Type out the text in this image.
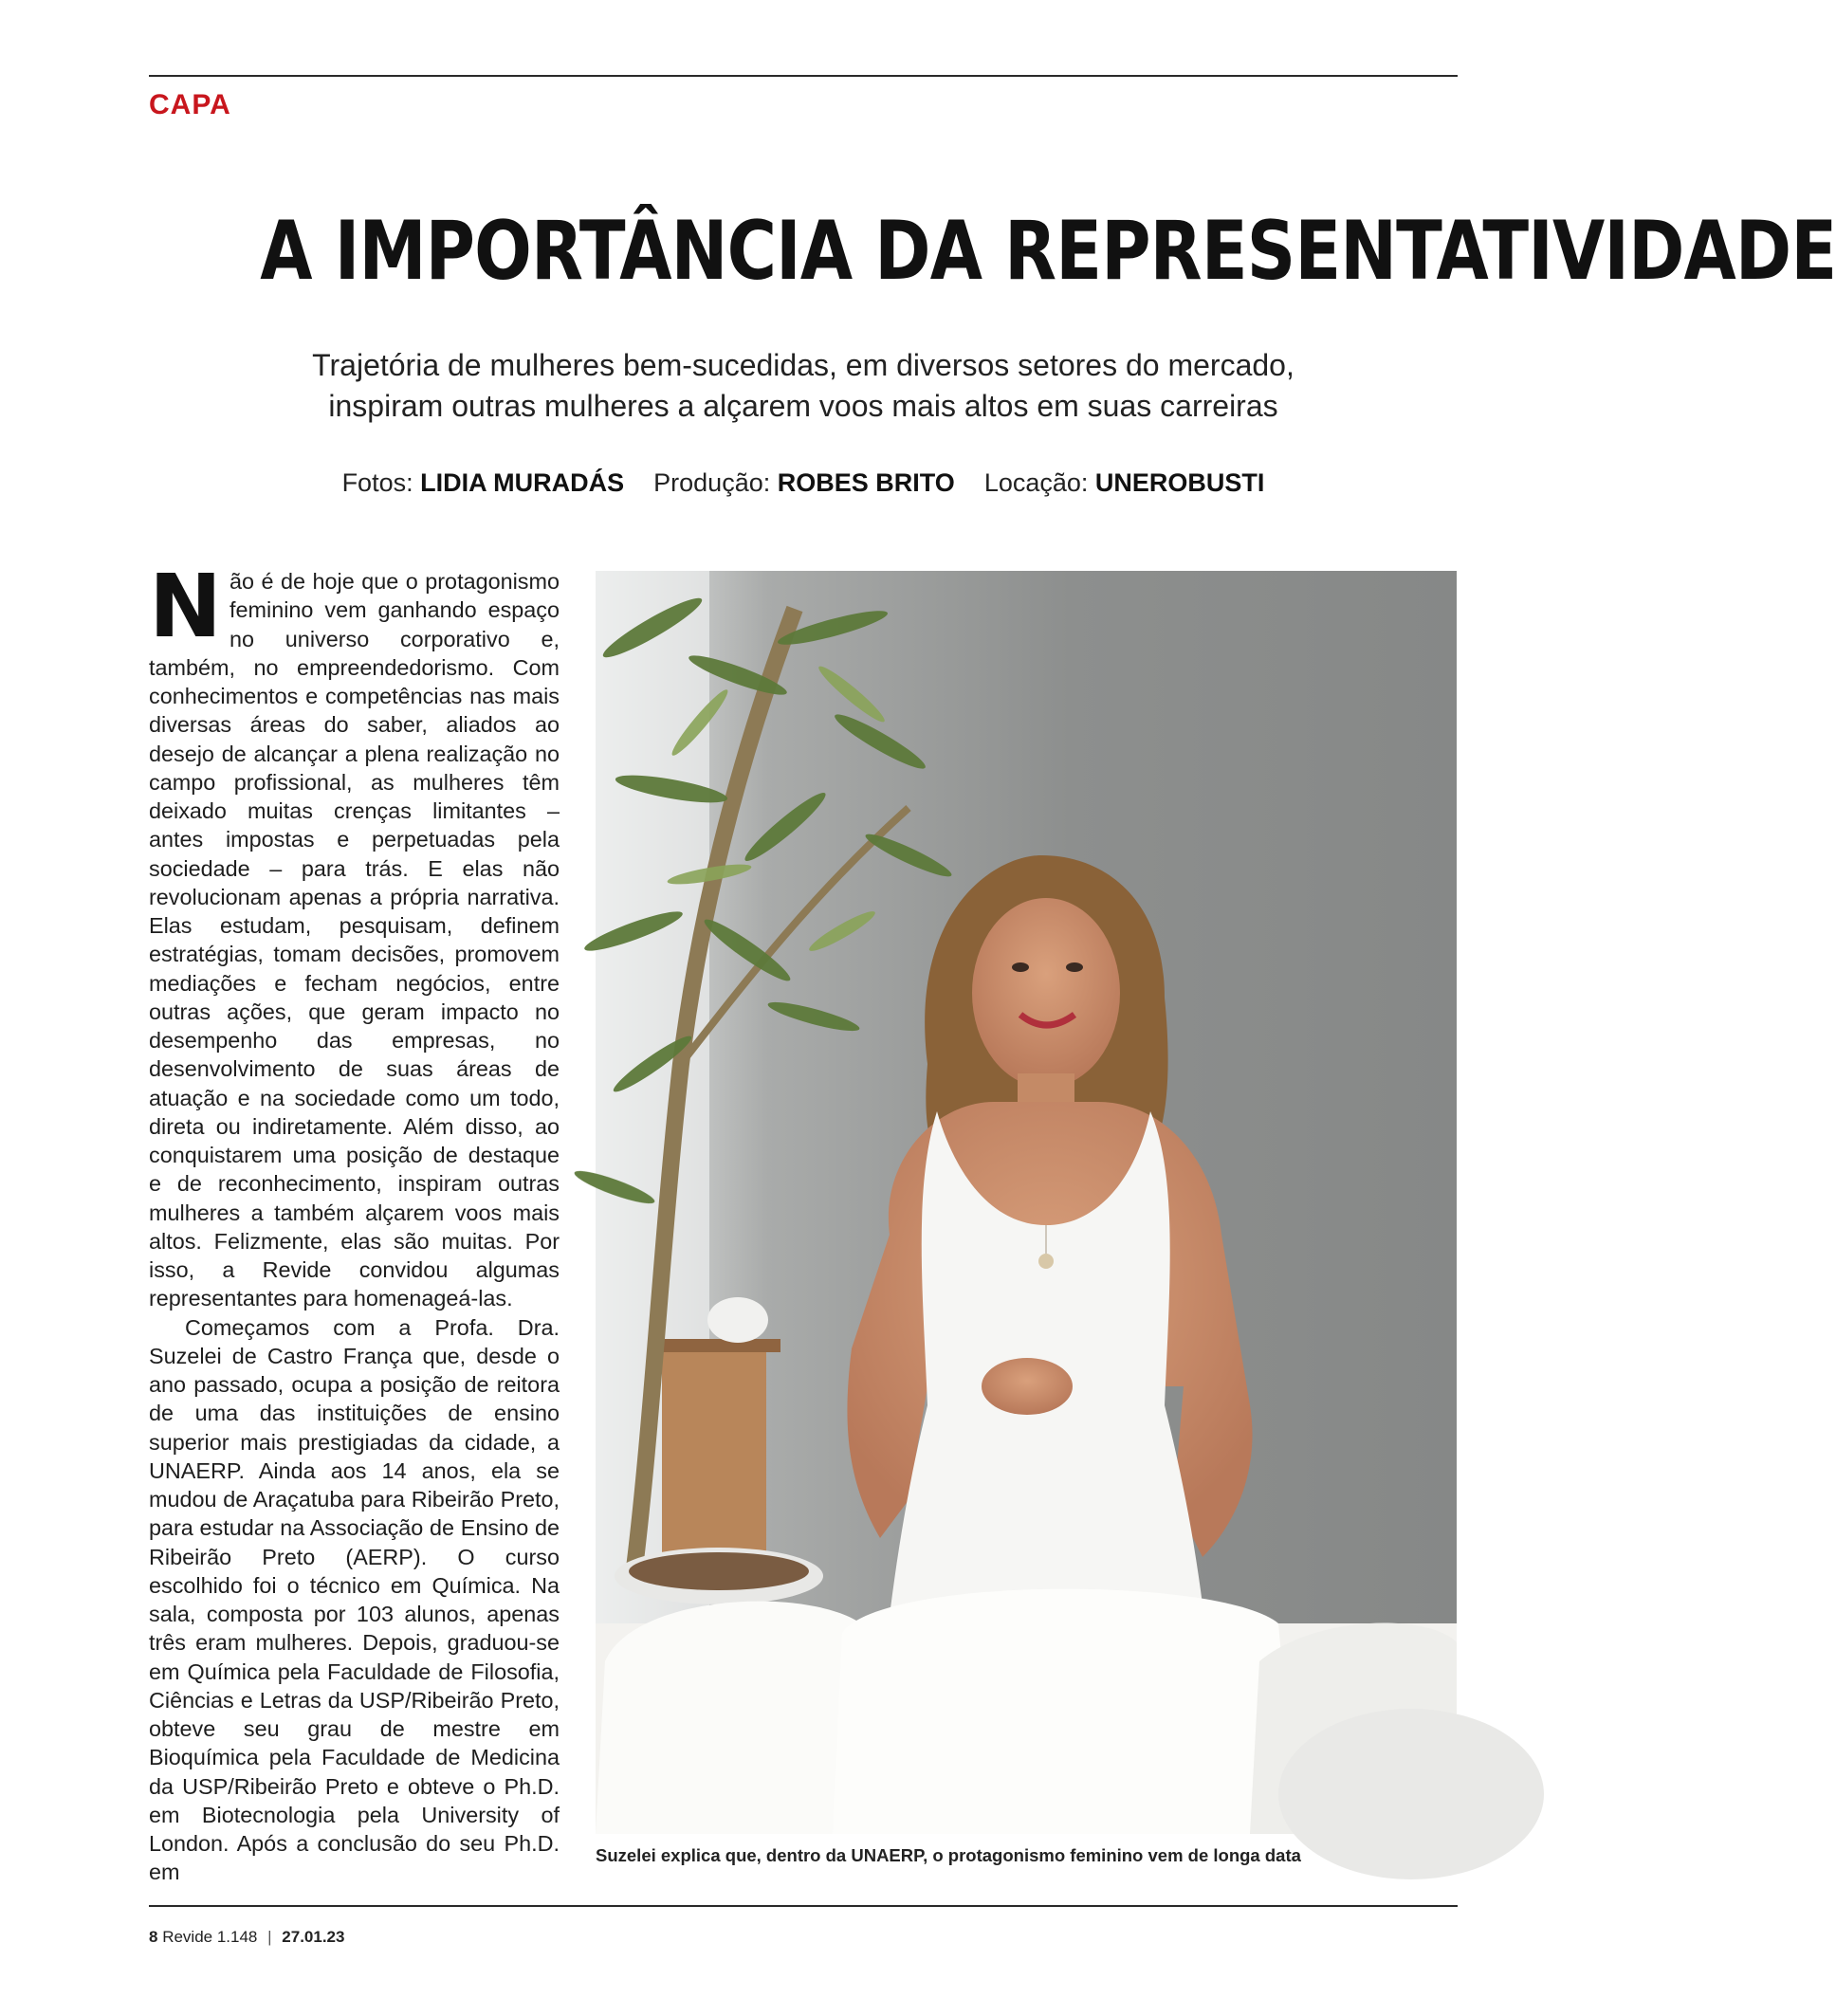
CAPA
A IMPORTÂNCIA DA REPRESENTATIVIDADE
Trajetória de mulheres bem-sucedidas, em diversos setores do mercado,
inspiram outras mulheres a alçarem voos mais altos em suas carreiras
Fotos: LIDIA MURADÁS Produção: ROBES BRITO Locação: UNEROBUSTI

Não é de hoje que o protagonismo feminino vem ganhando espaço no universo corporativo e, também, no empreendedorismo. Com conhecimentos e competências nas mais diversas áreas do saber, aliados ao desejo de alcançar a plena realização no campo profissional, as mulheres têm deixado muitas crenças limitantes – antes impostas e perpetuadas pela sociedade – para trás. E elas não revolucionam apenas a própria narrativa. Elas estudam, pesquisam, definem estratégias, tomam decisões, promovem mediações e fecham negócios, entre outras ações, que geram impacto no desempenho das empresas, no desenvolvimento de suas áreas de atuação e na sociedade como um todo, direta ou indiretamente. Além disso, ao conquistarem uma posição de destaque e de reconhecimento, inspiram outras mulheres a também alçarem voos mais altos. Felizmente, elas são muitas. Por isso, a Revide convidou algumas representantes para homenageá-las.

Começamos com a Profa. Dra. Suzelei de Castro França que, desde o ano passado, ocupa a posição de reitora de uma das instituições de ensino superior mais prestigiadas da cidade, a UNAERP. Ainda aos 14 anos, ela se mudou de Araçatuba para Ribeirão Preto, para estudar na Associação de Ensino de Ribeirão Preto (AERP). O curso escolhido foi o técnico em Química. Na sala, composta por 103 alunos, apenas três eram mulheres. Depois, graduou-se em Química pela Faculdade de Filosofia, Ciências e Letras da USP/Ribeirão Preto, obteve seu grau de mestre em Bioquímica pela Faculdade de Medicina da USP/Ribeirão Preto e obteve o Ph.D. em Biotecnologia pela University of London. Após a conclusão do seu Ph.D. em

Suzelei explica que, dentro da UNAERP, o protagonismo feminino vem de longa data
8 Revide 1.148 | 27.01.23
